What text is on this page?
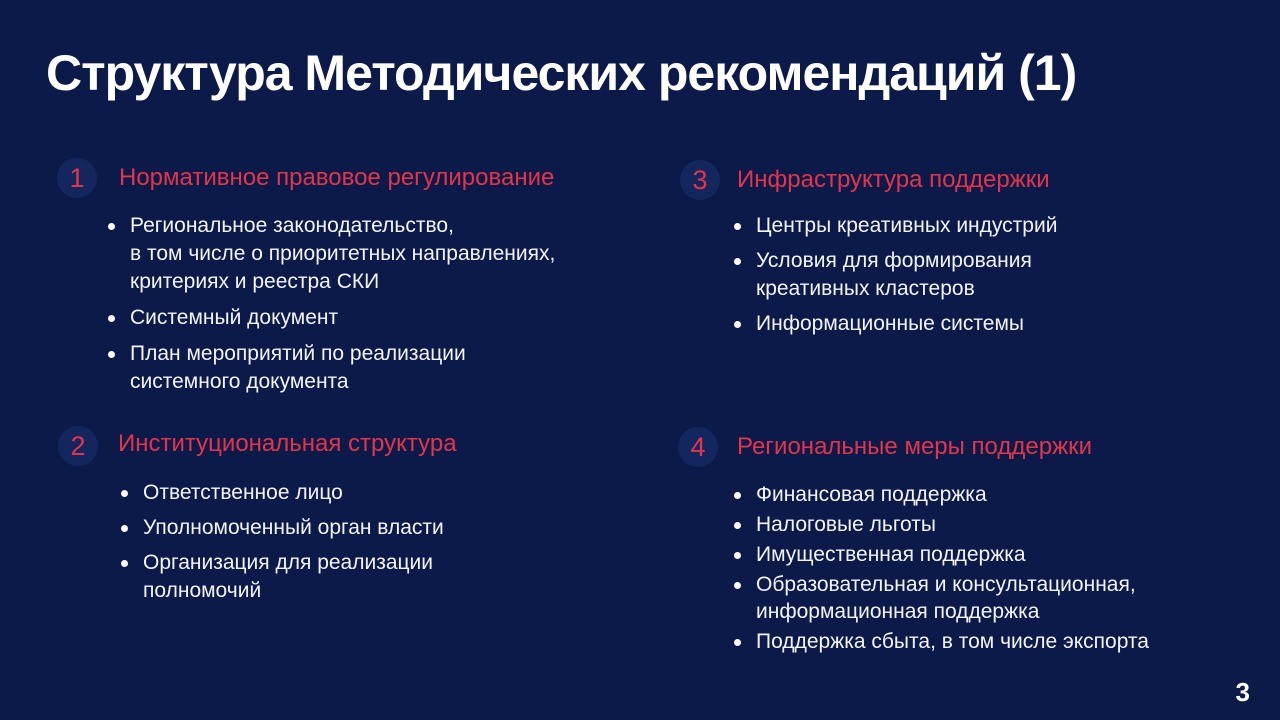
Структура Методических рекомендаций (1)
1	Нормативное правовое регулирование
Региональное законодательство,
в том числе о приоритетных направлениях,
критериях и реестра СКИ
Системный документ
План мероприятий по реализации
системного документа
3	Инфраструктура поддержки
Центры креативных индустрий
Условия для формирования
креативных кластеров
Информационные системы
2	Институциональная структура
Ответственное лицо
Уполномоченный орган власти
Организация для реализации
полномочий
4	Региональные меры поддержки
Финансовая поддержка
Налоговые льготы
Имущественная поддержка
Образовательная и консультационная,
информационная поддержка
Поддержка сбыта, в том числе экспорта
3
